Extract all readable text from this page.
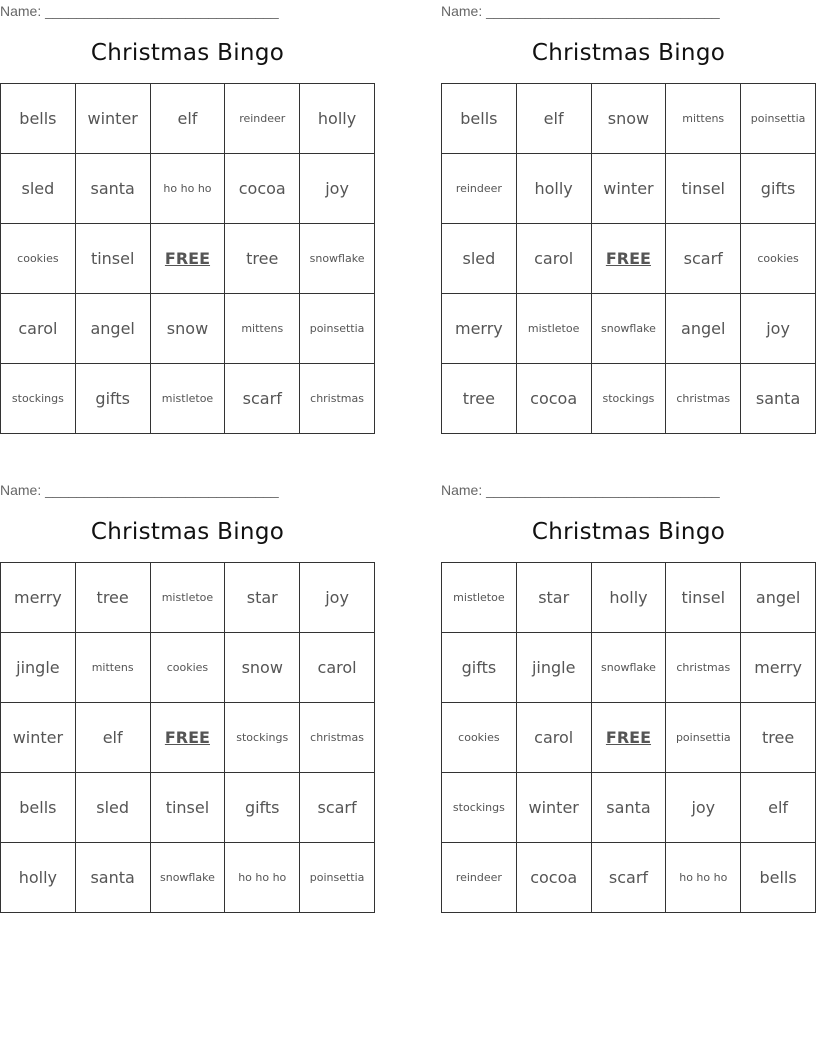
Name: ______________________________
Christmas Bingo
bells	winter	elf	reindeer	holly
sled	santa	ho ho ho	cocoa	joy
cookies	tinsel	FREE	tree	snowflake
carol	angel	snow	mittens	poinsettia
stockings	gifts	mistletoe	scarf	christmas
Name: ______________________________
Christmas Bingo
bells	elf	snow	mittens	poinsettia
reindeer	holly	winter	tinsel	gifts
sled	carol	FREE	scarf	cookies
merry	mistletoe	snowflake	angel	joy
tree	cocoa	stockings	christmas	santa
Name: ______________________________
Christmas Bingo
merry	tree	mistletoe	star	joy
jingle	mittens	cookies	snow	carol
winter	elf	FREE	stockings	christmas
bells	sled	tinsel	gifts	scarf
holly	santa	snowflake	ho ho ho	poinsettia
Name: ______________________________
Christmas Bingo
mistletoe	star	holly	tinsel	angel
gifts	jingle	snowflake	christmas	merry
cookies	carol	FREE	poinsettia	tree
stockings	winter	santa	joy	elf
reindeer	cocoa	scarf	ho ho ho	bells
